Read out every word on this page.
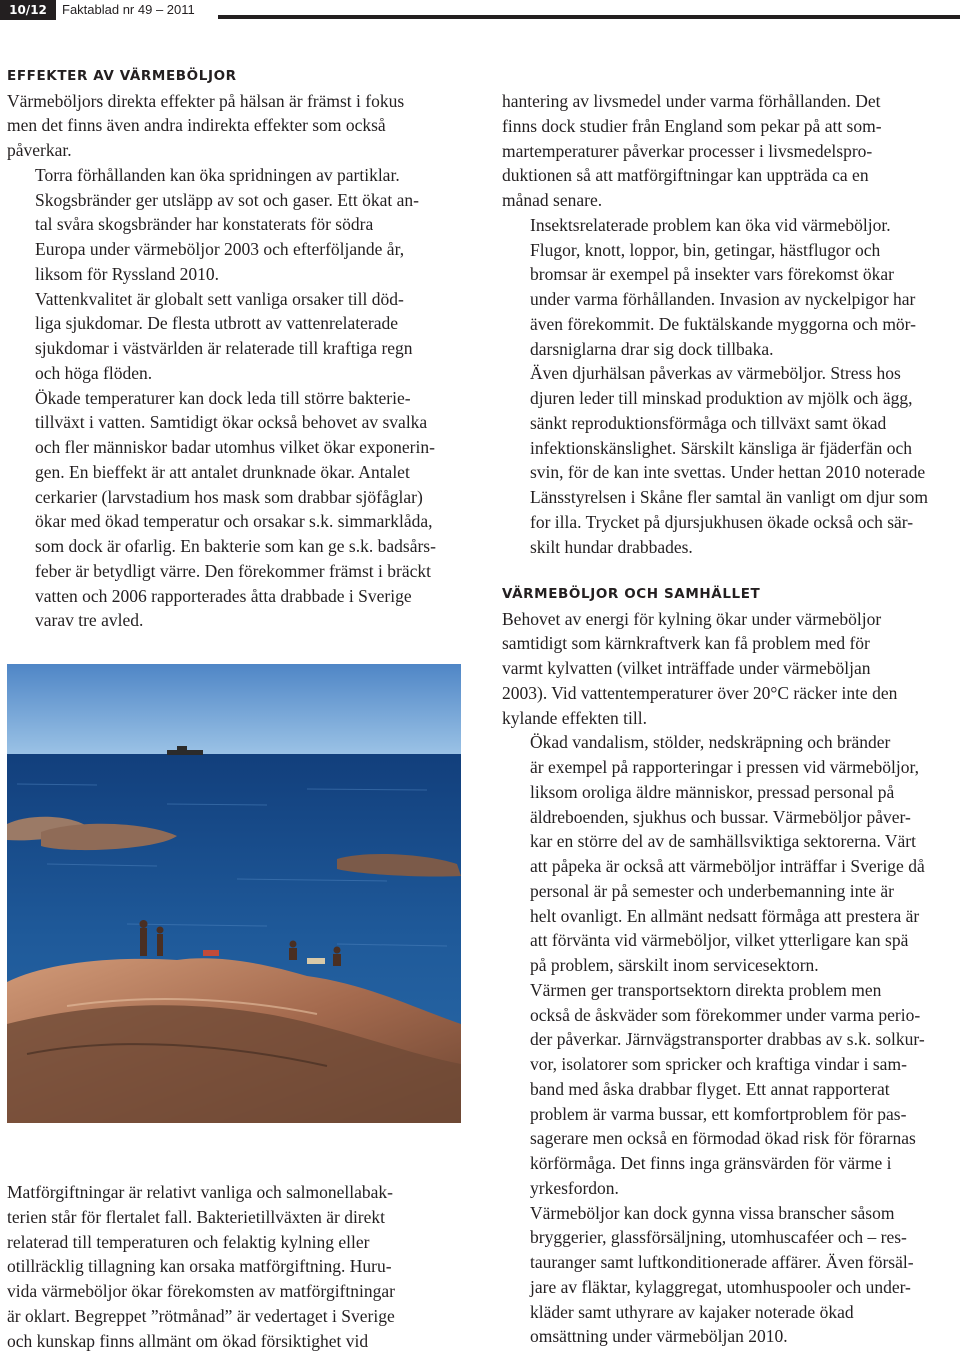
10/12	Faktablad nr 49 – 2011
EFFEKTER AV VÄRMEBÖLJOR

Värmeböljors direkta effekter på hälsan är främst i fokus
men det finns även andra indirekta effekter som också
påverkar.

Torra förhållanden kan öka spridningen av partiklar.
Skogsbränder ger utsläpp av sot och gaser. Ett ökat an-
tal svåra skogsbränder har konstaterats för södra
Europa under värmeböljor 2003 och efterföljande år,
liksom för Ryssland 2010.

Vattenkvalitet är globalt sett vanliga orsaker till död-
liga sjukdomar. De flesta utbrott av vattenrelaterade
sjukdomar i västvärlden är relaterade till kraftiga regn
och höga flöden.

Ökade temperaturer kan dock leda till större bakterie-
tillväxt i vatten. Samtidigt ökar också behovet av svalka
och fler människor badar utomhus vilket ökar exponerin-
gen. En bieffekt är att antalet drunknade ökar. Antalet
cerkarier (larvstadium hos mask som drabbar sjöfåglar)
ökar med ökad temperatur och orsakar s.k. simmarklåda,
som dock är ofarlig. En bakterie som kan ge s.k. badsårs-
feber är betydligt värre. Den förekommer främst i bräckt
vatten och 2006 rapporterades åtta drabbade i Sverige
varav tre avled.

Matförgiftningar är relativt vanliga och salmonellabak-
terien står för flertalet fall. Bakterietillväxten är direkt
relaterad till temperaturen och felaktig kylning eller
otillräcklig tillagning kan orsaka matförgiftning. Huru-
vida värmeböljor ökar förekomsten av matförgiftningar
är oklart. Begreppet ”rötmånad” är vedertaget i Sverige
och kunskap finns allmänt om ökad försiktighet vid

hantering av livsmedel under varma förhållanden. Det
finns dock studier från England som pekar på att som-
martemperaturer påverkar processer i livsmedelspro-
duktionen så att matförgiftningar kan uppträda ca en
månad senare.

Insektsrelaterade problem kan öka vid värmeböljor.
Flugor, knott, loppor, bin, getingar, hästflugor och
bromsar är exempel på insekter vars förekomst ökar
under varma förhållanden. Invasion av nyckelpigor har
även förekommit. De fuktälskande myggorna och mör-
darsniglarna drar sig dock tillbaka.

Även djurhälsan påverkas av värmeböljor. Stress hos
djuren leder till minskad produktion av mjölk och ägg,
sänkt reproduktionsförmåga och tillväxt samt ökad
infektionskänslighet. Särskilt känsliga är fjäderfän och
svin, för de kan inte svettas. Under hettan 2010 noterade
Länsstyrelsen i Skåne fler samtal än vanligt om djur som
for illa. Trycket på djursjukhusen ökade också och sär-
skilt hundar drabbades.

VÄRMEBÖLJOR OCH SAMHÄLLET

Behovet av energi för kylning ökar under värmeböljor
samtidigt som kärnkraftverk kan få problem med för
varmt kylvatten (vilket inträffade under värmeböljan
2003). Vid vattentemperaturer över 20°C räcker inte den
kylande effekten till.

Ökad vandalism, stölder, nedskräpning och bränder
är exempel på rapporteringar i pressen vid värmeböljor,
liksom oroliga äldre människor, pressad personal på
äldreboenden, sjukhus och bussar. Värmeböljor påver-
kar en större del av de samhällsviktiga sektorerna. Värt
att påpeka är också att värmeböljor inträffar i Sverige då
personal är på semester och underbemanning inte är
helt ovanligt. En allmänt nedsatt förmåga att prestera är
att förvänta vid värmeböljor, vilket ytterligare kan spä
på problem, särskilt inom servicesektorn.

Värmen ger transportsektorn direkta problem men
också de åskväder som förekommer under varma perio-
der påverkar. Järnvägstransporter drabbas av s.k. solkur-
vor, isolatorer som spricker och kraftiga vindar i sam-
band med åska drabbar flyget. Ett annat rapporterat
problem är varma bussar, ett komfortproblem för pas-
sagerare men också en förmodad ökad risk för förarnas
körförmåga. Det finns inga gränsvärden för värme i
yrkesfordon.

Värmeböljor kan dock gynna vissa branscher såsom
bryggerier, glassförsäljning, utomhuscaféer och – res-
tauranger samt luftkonditionerade affärer. Även försäl-
jare av fläktar, kylaggregat, utomhuspooler och under-
kläder samt uthyrare av kajaker noterade ökad
omsättning under värmeböljan 2010.
